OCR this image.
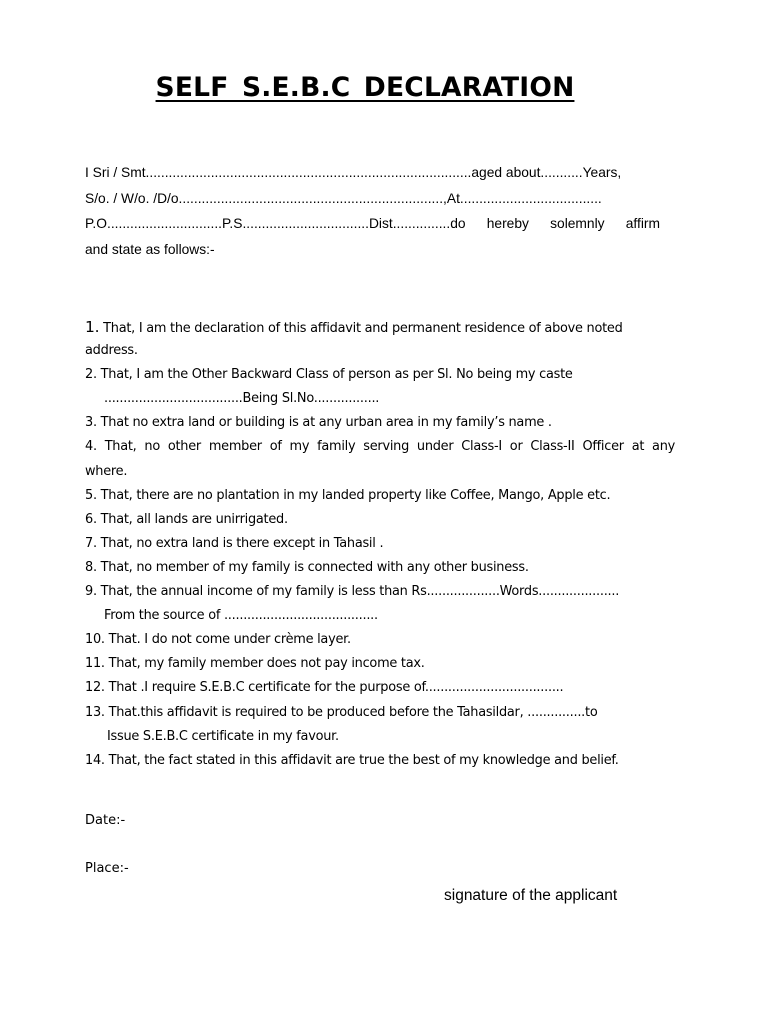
SELF S.E.B.C DECLARATION
I Sri / Smt.....................................................................................aged about...........Years,
S/o. / W/o. /D/o.....................................................................,At.....................................
P.O..............................P.S.................................Dist...............do hereby solemnly affirm
and state as follows:-
1. That, I am the declaration of this affidavit and permanent residence of above noted
address.
2. That, I am the Other Backward Class of person as per Sl. No being my caste
....................................Being Sl.No.................
3. That no extra land or building is at any urban area in my family’s name .
4. That, no other member of my family serving under Class-I or Class-II Officer at any
where.
5. That, there are no plantation in my landed property like Coffee, Mango, Apple etc.
6. That, all lands are unirrigated.
7. That, no extra land is there except in Tahasil .
8. That, no member of my family is connected with any other business.
9. That, the annual income of my family is less than Rs...................Words.....................
From the source of ........................................
10. That. I do not come under crème layer.
11. That, my family member does not pay income tax.
12. That .I require S.E.B.C certificate for the purpose of....................................
13. That.this affidavit is required to be produced before the Tahasildar, ...............to
Issue S.E.B.C certificate in my favour.
14. That, the fact stated in this affidavit are true the best of my knowledge and belief.
Date:-
Place:-
signature of the applicant
